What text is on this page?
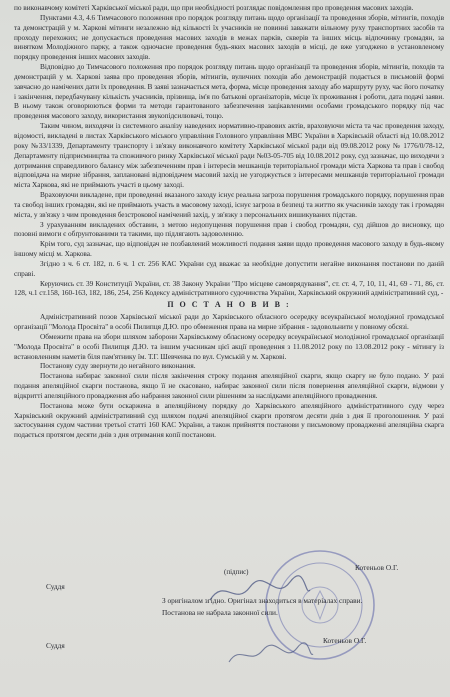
по виконавчому комітеті Харківської міської ради, що при необхідності розглядає повідомлення про проведення масових заходів.

Пунктами 4.3, 4.6 Тимчасового положення про порядок розгляду питань щодо організації та проведення зборів, мітингів, походів та демонстрацій у м. Харкові мітинги незалежно від кількості їх учасників не повинні заважати вільному руху транспортних засобів та проходу перехожих; не допускається проведення масових заходів в межах парків, скверів та інших місць відпочинку громадян, за винятком Молодіжного парку, а також одночасне проведення будь-яких масових заходів в місці, де вже узгоджено в установленому порядку проведення інших масових заходів.

Відповідно до Тимчасового положення про порядок розгляду питань щодо організації та проведення зборів, мітингів, походів та демонстрацій у м. Харкові заява про проведення зборів, мітингів, вуличних походів або демонстрацій подається в письмовій формі завчасно до намічених дати їх проведення. В заяві зазначається мета, форма, місце проведення заходу або маршруту руху, час його початку і закінчення, передбачувану кількість учасників, прізвища, ім'я по батькові організаторів, місце їх проживання і роботи, дата подачі заяви. В ньому також оговорюються форми та методи гарантованого забезпечення зацікавленими особами громадського порядку під час проведення масового заходу, використання звукопідсилювачі, тощо.

Таким чином, виходячи із системного аналізу наведених нормативно-правових актів, враховуючи міста та час проведення заходу, відомості, викладені в листах Харківського міського управління Головного управління МВС України в Харківській області від 10.08.2012 року №33/1339, Департаменту транспорту і зв'язку виконавчого комітету Харківської міської ради від 09.08.2012 року № 1776/0/78-12, Департаменту підприємництва та споживчого ринку Харківської міської ради №03-05-705 від 10.08.2012 року, суд зазначає, що виходячи з дотримання справедливого балансу між забезпеченням прав і інтересів мешканців територіальної громади міста Харкова та прав і свобод відповідача на мирне зібрання, заплановані відповідачем масовий захід не узгоджується з інтересами мешканців територіальної громади міста Харкова, які не приймають участі в цьому заході.

Враховуючи викладене, при проведенні вказаного заходу існує реальна загроза порушення громадського порядку, порушення прав та свобод інших громадян, які не приймають участь в масовому заході, існує загроза в безпеці та життю як учасників заходу так і громадян міста, у зв'язку з чим проведення безстрокової намічений захід, у зв'язку з персональних вишикуваних підстав.

З урахуванням викладених обставин, з метою недопущення порушення прав і свобод громадян, суд дійшов до висновку, що позовні вимоги є обґрунтованими та такими, що підлягають задоволенню.

Крім того, суд зазначає, що відповідач не позбавлений можливості подання заяви щодо проведення масового заходу в будь-якому іншому місці м. Харкова.

Згідно з ч. 6 ст. 182, п. 6 ч. 1 ст. 256 КАС України суд вважає за необхідне допустити негайне виконання постанови по даній справі.

Керуючись ст. 39 Конституції України, ст. 38 Закону України "Про місцеве самоврядування", ст. ст. 4, 7, 10, 11, 41, 69 - 71, 86, ст. 128, ч.1 ст.158, 160-163, 182, 186, 254, 256 Кодексу адміністративного судочинства України, Харківський окружний адміністративний суд, -

П О С Т А Н О В И В :

Адміністративний позов Харківської міської ради до Харківського обласного осередку всеукраїнської молодіжної громадської організації "Молода Просвіта" в особі Пилипця Д.Ю. про обмеження права на мирне зібрання - задовольнити у повному обсязі.

Обмежити права на збори шляхом заборони Харківському обласному осередку всеукраїнської молодіжної громадської організації "Молода Просвіта" в особі Пилипця Д.Ю. та іншим учасникам цієї акції проведення з 11.08.2012 року по 13.08.2012 року - мітингу із встановленням наметів біля пам'ятнику їм. Т.Г. Шевченка по вул. Сумській у м. Харкові.

Постанову суду звернути до негайного виконання.

Постанова набирає законної сили після закінчення строку подання апеляційної скарги, якщо скаргу не було подано. У разі подання апеляційної скарги постанова, якщо її не скасовано, набирає законної сили після повернення апеляційної скарги, відмови у відкритті апеляційного провадження або набрання законної сили рішенням за наслідками апеляційного провадження.

Постанова може бути оскаржена в апеляційному порядку до Харківського апеляційного адміністративного суду через Харківський окружний адміністративний суд шляхом подачі апеляційної скарги протягом десяти днів з дня її проголошення. У разі застосування судом частини третьої статті 160 КАС України, а також прийняття постанови у письмовому провадженні апеляційна скарга подається протягом десяти днів з дня отримання копії постанови.

Суддя
(підпис)	Котеньов О.Г.
З оригіналом згідно. Оригінал знаходиться в матеріалах справи.
Постанова не набрала законної сили.
Суддя
Котеньов О.Г.
